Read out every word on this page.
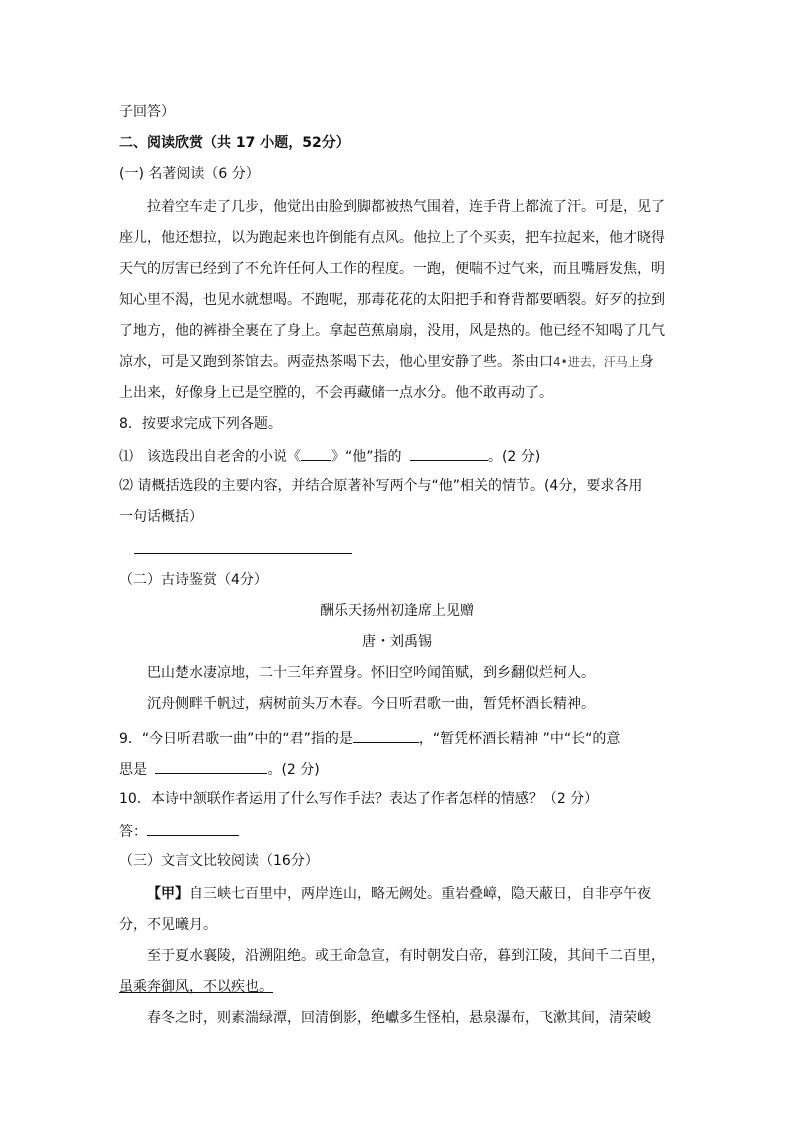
子回答）
二、阅读欣赏（共 17 小题，52分）
(一) 名著阅读（6 分）
拉着空车走了几步，他觉出由脸到脚都被热气围着，连手背上都流了汗。可是，见了
座儿，他还想拉，以为跑起来也许倒能有点风。他拉上了个买卖，把车拉起来，他才晓得
天气的厉害已经到了不允许任何人工作的程度。一跑，便喘不过气来，而且嘴唇发焦，明
知心里不渴，也见水就想喝。不跑呢，那毒花花的太阳把手和脊背都要晒裂。好歹的拉到
了地方，他的裤褂全裹在了身上。拿起芭蕉扇扇，没用，风是热的。他已经不知喝了几气
凉水，可是又跑到茶馆去。两壶热茶喝下去，他心里安静了些。茶由口4•进去，汗马上身
上出来，好像身上已是空膛的，不会再藏储一点水分。他不敢再动了。
8．按要求完成下列各题。
⑴　该选段出自老舍的小说《 》“他”指的	。(2 分)
⑵ 请概括选段的主要内容，并结合原著补写两个与“他”相关的情节。(4分，要求各用
一句话概括）
（二）古诗鉴赏（4分）
酬乐天扬州初逢席上见赠
唐・刘禹锡
巴山楚水凄凉地，二十三年弃置身。怀旧空吟闻笛赋，到乡翻似烂柯人。
沉舟侧畔千帆过，病树前头万木春。今日听君歌一曲，暂凭杯酒长精神。
9．“今日听君歌一曲”中的“君”指的是	，“暂凭杯酒长精神 ”中“长“的意
思是	。(2 分)
10．本诗中颔联作者运用了什么写作手法？表达了作者怎样的情感？（2 分）
答：
（三）文言文比较阅读（16分）
【甲】自三峡七百里中，两岸连山，略无阙处。重岩叠嶂，隐天蔽日，自非亭午夜
分，不见曦月。
至于夏水襄陵，沿溯阻绝。或王命急宣，有时朝发白帝，暮到江陵，其间千二百里，
虽乘奔御风，不以疾也。
春冬之时，则素湍绿潭，回清倒影，绝巘多生怪柏，悬泉瀑布，飞漱其间，清荣峻
